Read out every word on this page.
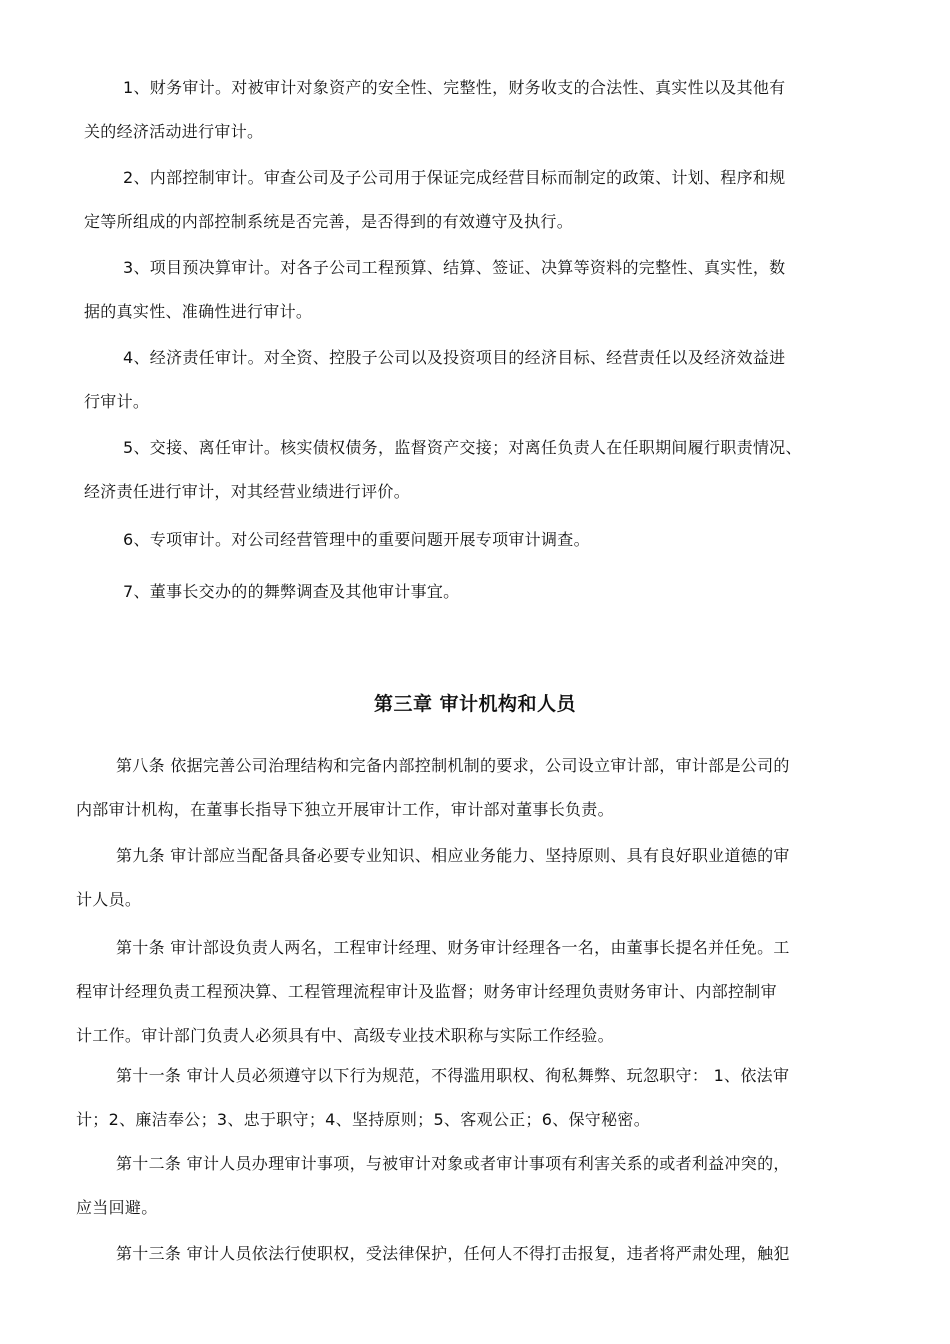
1、财务审计。对被审计对象资产的安全性、完整性，财务收支的合法性、真实性以及其他有
关的经济活动进行审计。

2、内部控制审计。审查公司及子公司用于保证完成经营目标而制定的政策、计划、程序和规
定等所组成的内部控制系统是否完善，是否得到的有效遵守及执行。

3、项目预决算审计。对各子公司工程预算、结算、签证、决算等资料的完整性、真实性，数
据的真实性、准确性进行审计。

4、经济责任审计。对全资、控股子公司以及投资项目的经济目标、经营责任以及经济效益进
行审计。

5、交接、离任审计。核实债权债务，监督资产交接；对离任负责人在任职期间履行职责情况、
经济责任进行审计，对其经营业绩进行评价。

6、专项审计。对公司经营管理中的重要问题开展专项审计调查。

7、董事长交办的的舞弊调查及其他审计事宜。

第三章 审计机构和人员

第八条 依据完善公司治理结构和完备内部控制机制的要求，公司设立审计部，审计部是公司的
内部审计机构，在董事长指导下独立开展审计工作，审计部对董事长负责。

第九条 审计部应当配备具备必要专业知识、相应业务能力、坚持原则、具有良好职业道德的审
计人员。

第十条 审计部设负责人两名，工程审计经理、财务审计经理各一名，由董事长提名并任免。工
程审计经理负责工程预决算、工程管理流程审计及监督；财务审计经理负责财务审计、内部控制审
计工作。审计部门负责人必须具有中、高级专业技术职称与实际工作经验。

第十一条 审计人员必须遵守以下行为规范，不得滥用职权、徇私舞弊、玩忽职守： 1、依法审
计；2、廉洁奉公；3、忠于职守；4、坚持原则；5、客观公正；6、保守秘密。

第十二条 审计人员办理审计事项，与被审计对象或者审计事项有利害关系的或者利益冲突的，
应当回避。

第十三条 审计人员依法行使职权，受法律保护，任何人不得打击报复，违者将严肃处理，触犯
